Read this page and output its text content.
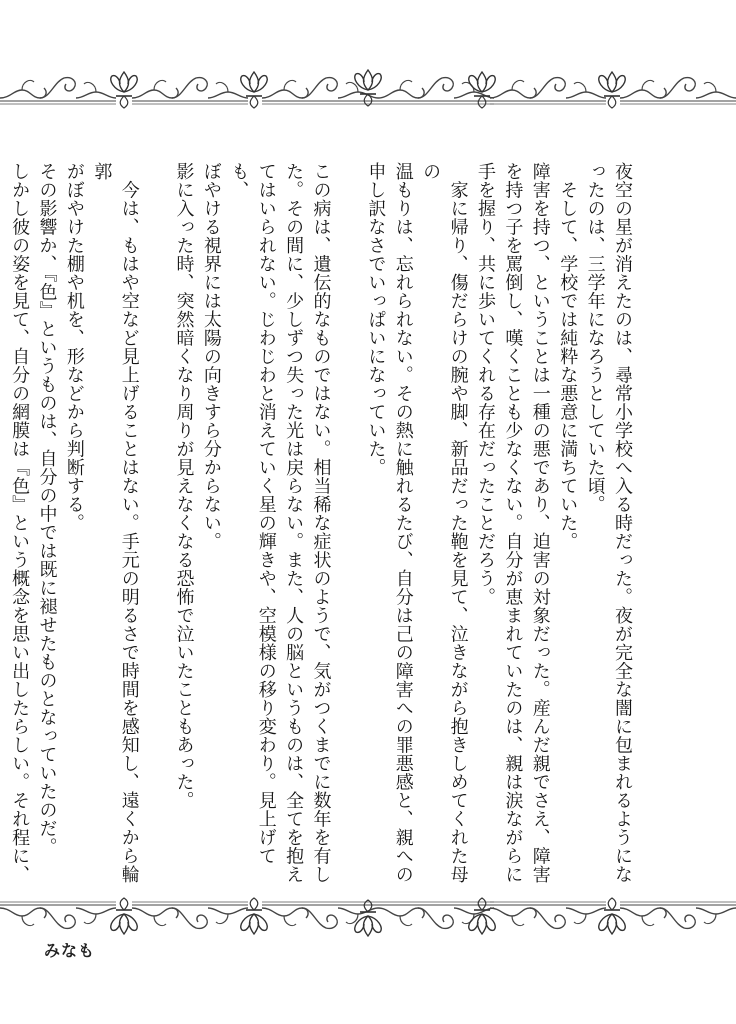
夜空の星が消えたのは、尋常小学校へ入る時だった。夜が完全な闇に包まれるようにな
ったのは、三学年になろうとしていた頃。
　そして、学校では純粋な悪意に満ちていた。
障害を持つ、ということは一種の悪であり、迫害の対象だった。産んだ親でさえ、障害
を持つ子を罵倒し、嘆くことも少なくない。自分が恵まれていたのは、親は涙ながらに
手を握り、共に歩いてくれる存在だったことだろう。
　家に帰り、傷だらけの腕や脚、新品だった鞄を見て、泣きながら抱きしめてくれた母の
温もりは、忘れられない。その熱に触れるたび、自分は己の障害への罪悪感と、親への
申し訳なさでいっぱいになっていた。

この病は、遺伝的なものではない。相当稀な症状のようで、気がつくまでに数年を有し
た。その間に、少しずつ失った光は戻らない。また、人の脳というものは、全てを抱え
てはいられない。じわじわと消えていく星の輝きや、空模様の移り変わり。見上げても、
ぼやける視界には太陽の向きすら分からない。
影に入った時、突然暗くなり周りが見えなくなる恐怖で泣いたこともあった。

　今は、もはや空など見上げることはない。手元の明るさで時間を感知し、遠くから輪郭
がぼやけた棚や机を、形などから判断する。
その影響か、『色』というものは、自分の中では既に褪せたものとなっていたのだ。
しかし彼の姿を見て、自分の網膜は『色』という概念を思い出したらしい。それ程に、

みなも
